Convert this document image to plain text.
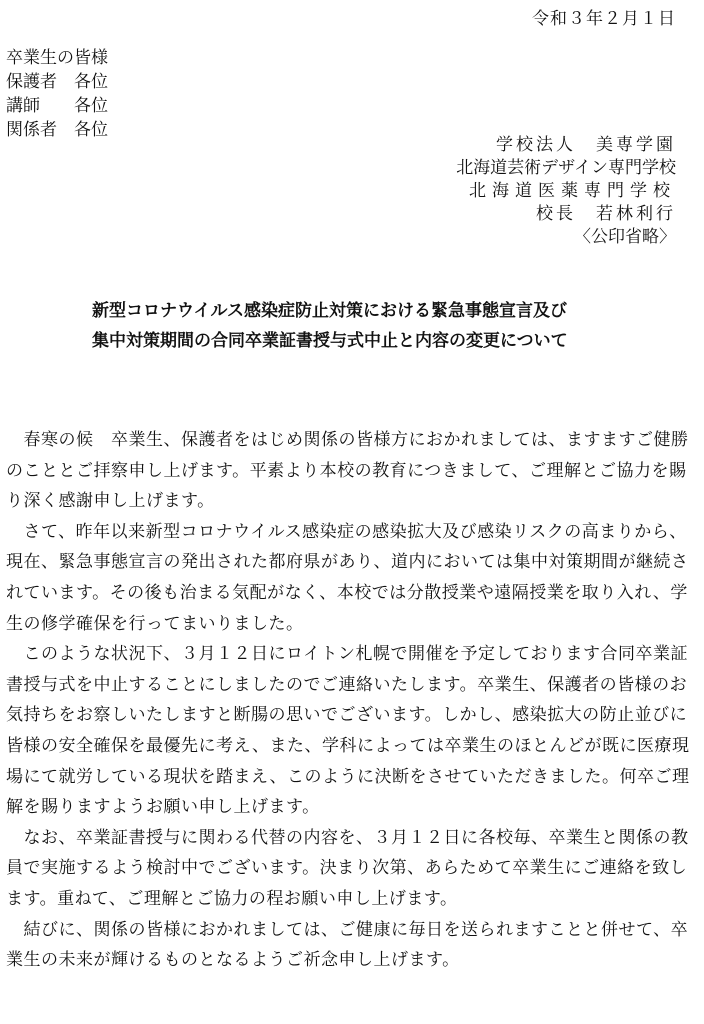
令和３年２月１日
卒業生の皆様
保護者　各位
講師　　各位
関係者　各位
学校法人　美専学園
北海道芸術デザイン専門学校
北海道医薬専門学校
校長　若林利行
〈公印省略〉
新型コロナウイルス感染症防止対策における緊急事態宣言及び
集中対策期間の合同卒業証書授与式中止と内容の変更について
　春寒の候　卒業生、保護者をはじめ関係の皆様方におかれましては、ますますご健勝
のこととご拝察申し上げます。平素より本校の教育につきまして、ご理解とご協力を賜
り深く感謝申し上げます。
　さて、昨年以来新型コロナウイルス感染症の感染拡大及び感染リスクの高まりから、
現在、緊急事態宣言の発出された都府県があり、道内においては集中対策期間が継続さ
れています。その後も治まる気配がなく、本校では分散授業や遠隔授業を取り入れ、学
生の修学確保を行ってまいりました。
　このような状況下、３月１２日にロイトン札幌で開催を予定しております合同卒業証
書授与式を中止することにしましたのでご連絡いたします。卒業生、保護者の皆様のお
気持ちをお察しいたしますと断腸の思いでございます。しかし、感染拡大の防止並びに
皆様の安全確保を最優先に考え、また、学科によっては卒業生のほとんどが既に医療現
場にて就労している現状を踏まえ、このように決断をさせていただきました。何卒ご理
解を賜りますようお願い申し上げます。
　なお、卒業証書授与に関わる代替の内容を、３月１２日に各校毎、卒業生と関係の教
員で実施するよう検討中でございます。決まり次第、あらためて卒業生にご連絡を致し
ます。重ねて、ご理解とご協力の程お願い申し上げます。
　結びに、関係の皆様におかれましては、ご健康に毎日を送られますことと併せて、卒
業生の未来が輝けるものとなるようご祈念申し上げます。
